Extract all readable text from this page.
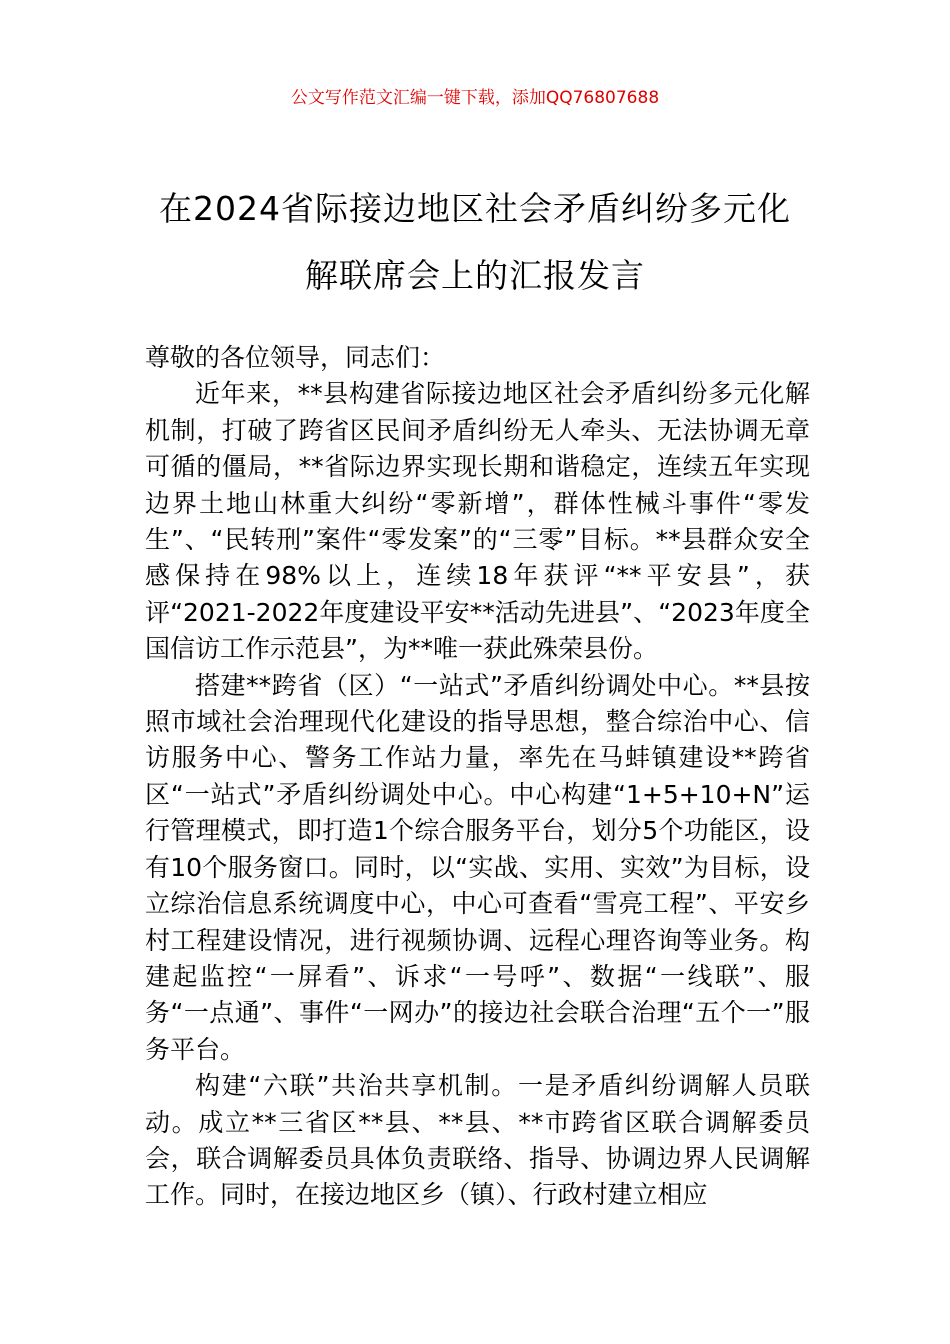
公文写作范文汇编一键下载，添加QQ76807688
在2024省际接边地区社会矛盾纠纷多元化
解联席会上的汇报发言

尊敬的各位领导，同志们：

近年来，**县构建省际接边地区社会矛盾纠纷多元化解机制，打破了跨省区民间矛盾纠纷无人牵头、无法协调无章可循的僵局，**省际边界实现长期和谐稳定，连续五年实现边界土地山林重大纠纷“零新增”，群体性械斗事件“零发生”、“民转刑”案件“零发案”的“三零”目标。**县群众安全感保持在98%以上，连续18年获评“**平安县”，获评“2021-2022年度建设平安**活动先进县”、“2023年度全国信访工作示范县”，为**唯一获此殊荣县份。

搭建**跨省（区）“一站式”矛盾纠纷调处中心。**县按照市域社会治理现代化建设的指导思想，整合综治中心、信访服务中心、警务工作站力量，率先在马蚌镇建设**跨省区“一站式”矛盾纠纷调处中心。中心构建“1+5+10+N”运行管理模式，即打造1个综合服务平台，划分5个功能区，设有10个服务窗口。同时，以“实战、实用、实效”为目标，设立综治信息系统调度中心，中心可查看“雪亮工程”、平安乡村工程建设情况，进行视频协调、远程心理咨询等业务。构建起监控“一屏看”、诉求“一号呼”、数据“一线联”、服务“一点通”、事件“一网办”的接边社会联合治理“五个一”服务平台。

构建“六联”共治共享机制。一是矛盾纠纷调解人员联动。成立**三省区**县、**县、**市跨省区联合调解委员会，联合调解委员具体负责联络、指导、协调边界人民调解工作。同时，在接边地区乡（镇）、行政村建立相应
